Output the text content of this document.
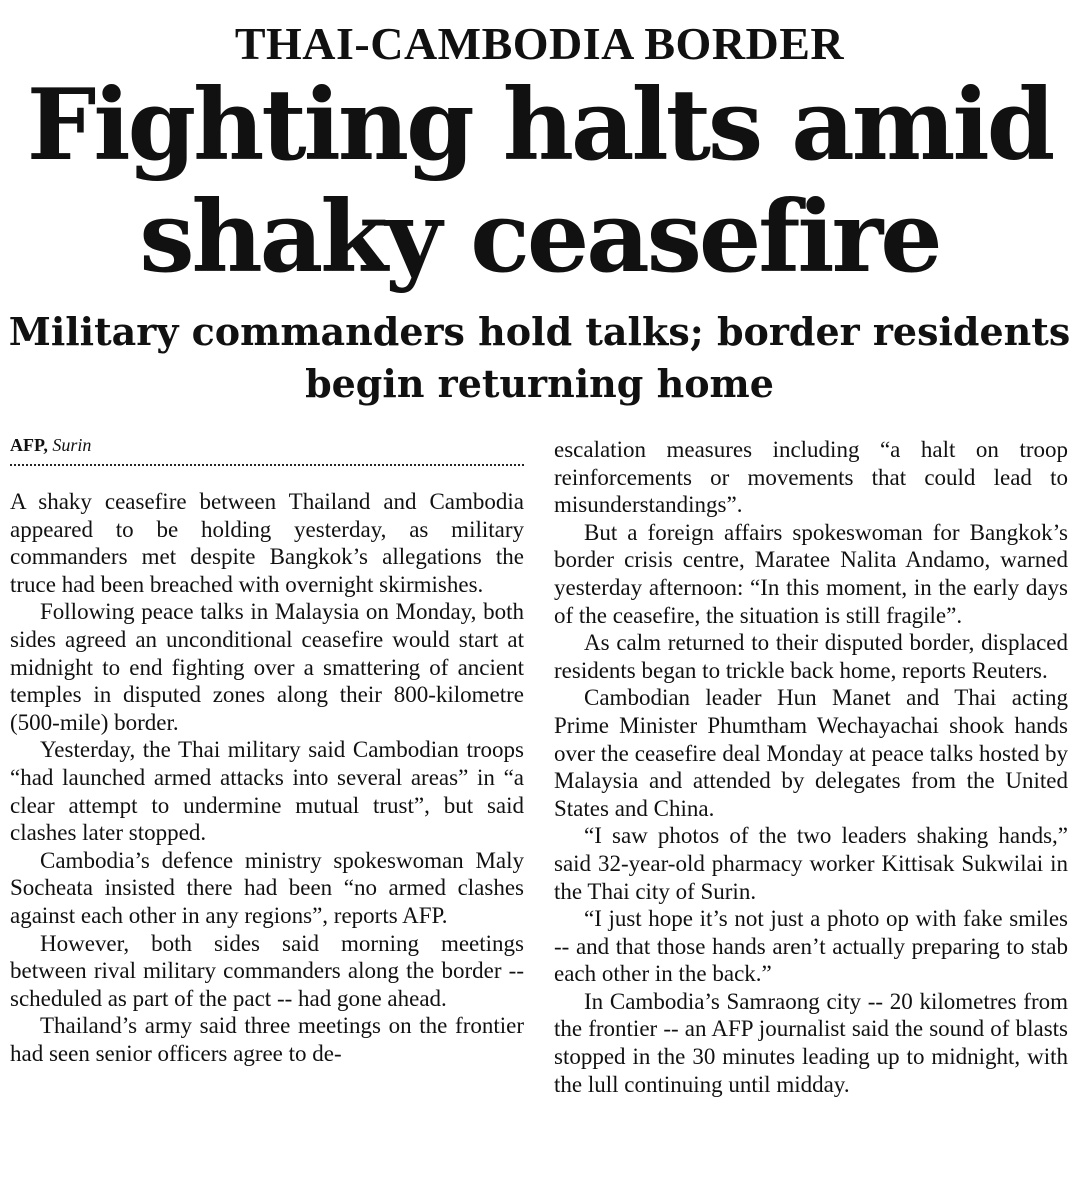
THAI-CAMBODIA BORDER
Fighting halts amid shaky ceasefire
Military commanders hold talks; border residents begin returning home
AFP, Surin

A shaky ceasefire between Thailand and Cambodia appeared to be holding yesterday, as military commanders met despite Bangkok’s allegations the truce had been breached with overnight skirmishes.

Following peace talks in Malaysia on Monday, both sides agreed an unconditional ceasefire would start at midnight to end fighting over a smattering of ancient temples in disputed zones along their 800-kilometre (500-mile) border.

Yesterday, the Thai military said Cambodian troops “had launched armed attacks into several areas” in “a clear attempt to undermine mutual trust”, but said clashes later stopped.

Cambodia’s defence ministry spokeswoman Maly Socheata insisted there had been “no armed clashes against each other in any regions”, reports AFP.

However, both sides said morning meetings between rival military commanders along the border -- scheduled as part of the pact -- had gone ahead.

Thailand’s army said three meetings on the frontier had seen senior officers agree to de-

escalation measures including “a halt on troop reinforcements or movements that could lead to misunderstandings”.

But a foreign affairs spokeswoman for Bangkok’s border crisis centre, Maratee Nalita Andamo, warned yesterday afternoon: “In this moment, in the early days of the ceasefire, the situation is still fragile”.

As calm returned to their disputed border, displaced residents began to trickle back home, reports Reuters.

Cambodian leader Hun Manet and Thai acting Prime Minister Phumtham Wechayachai shook hands over the ceasefire deal Monday at peace talks hosted by Malaysia and attended by delegates from the United States and China.

“I saw photos of the two leaders shaking hands,” said 32-year-old pharmacy worker Kittisak Sukwilai in the Thai city of Surin.

“I just hope it’s not just a photo op with fake smiles -- and that those hands aren’t actually preparing to stab each other in the back.”

In Cambodia’s Samraong city -- 20 kilometres from the frontier -- an AFP journalist said the sound of blasts stopped in the 30 minutes leading up to midnight, with the lull continuing until midday.
